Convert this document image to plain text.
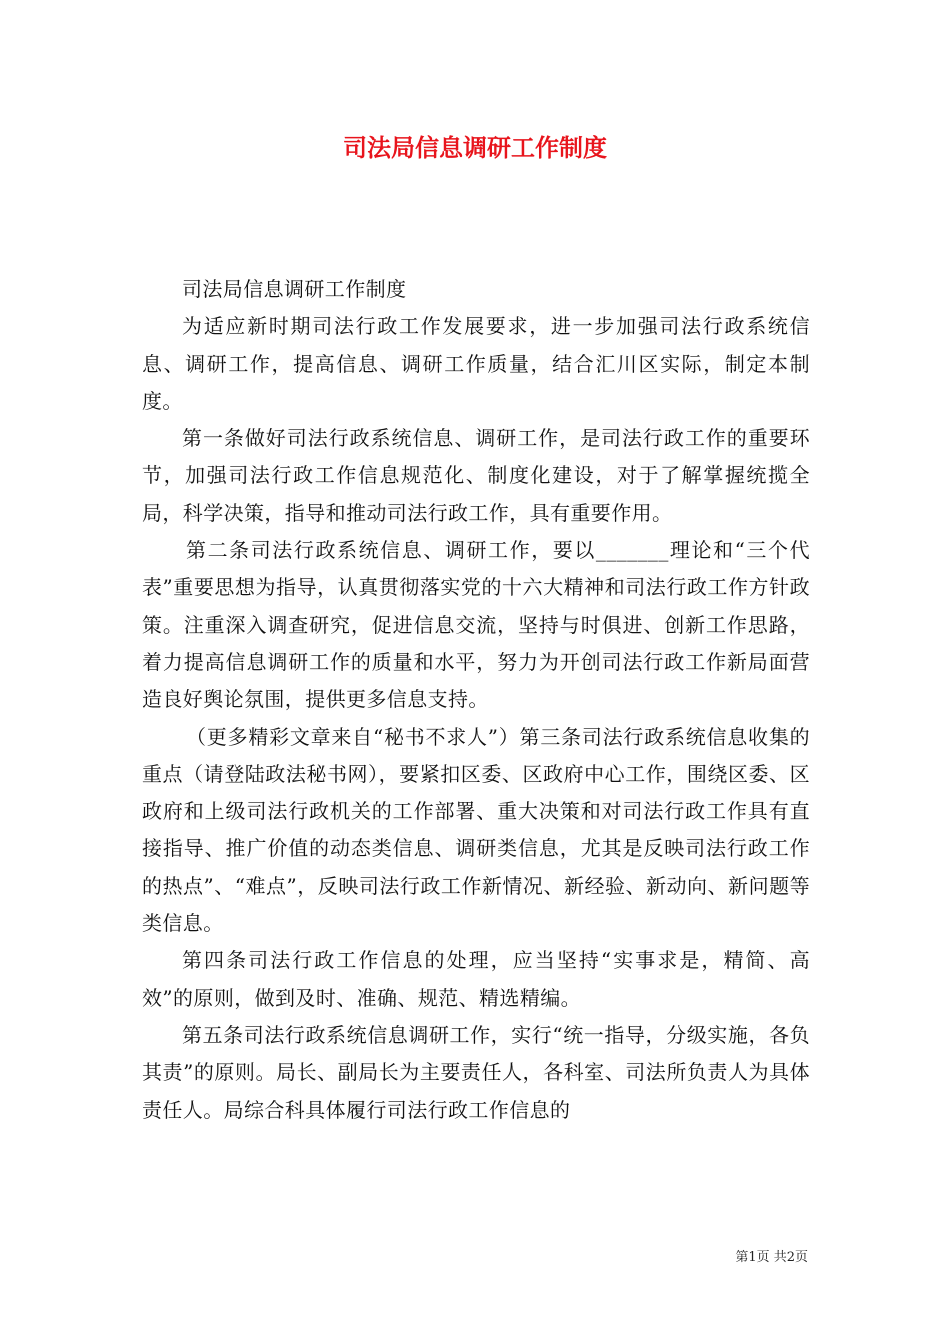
司法局信息调研工作制度

司法局信息调研工作制度

为适应新时期司法行政工作发展要求，进一步加强司法行政系统信息、调研工作，提高信息、调研工作质量，结合汇川区实际，制定本制度。

第一条做好司法行政系统信息、调研工作，是司法行政工作的重要环节，加强司法行政工作信息规范化、制度化建设，对于了解掌握统揽全局，科学决策，指导和推动司法行政工作，具有重要作用。

第二条司法行政系统信息、调研工作，要以_______理论和“三个代表”重要思想为指导，认真贯彻落实党的十六大精神和司法行政工作方针政策。注重深入调查研究，促进信息交流，坚持与时俱进、创新工作思路，着力提高信息调研工作的质量和水平，努力为开创司法行政工作新局面营造良好舆论氛围，提供更多信息支持。

（更多精彩文章来自“秘书不求人”）第三条司法行政系统信息收集的重点（请登陆政法秘书网），要紧扣区委、区政府中心工作，围绕区委、区政府和上级司法行政机关的工作部署、重大决策和对司法行政工作具有直接指导、推广价值的动态类信息、调研类信息，尤其是反映司法行政工作的热点”、“难点”，反映司法行政工作新情况、新经验、新动向、新问题等类信息。

第四条司法行政工作信息的处理，应当坚持“实事求是，精简、高效”的原则，做到及时、准确、规范、精选精编。

第五条司法行政系统信息调研工作，实行“统一指导，分级实施，各负其责”的原则。局长、副局长为主要责任人，各科室、司法所负责人为具体责任人。局综合科具体履行司法行政工作信息的

第1页 共2页
